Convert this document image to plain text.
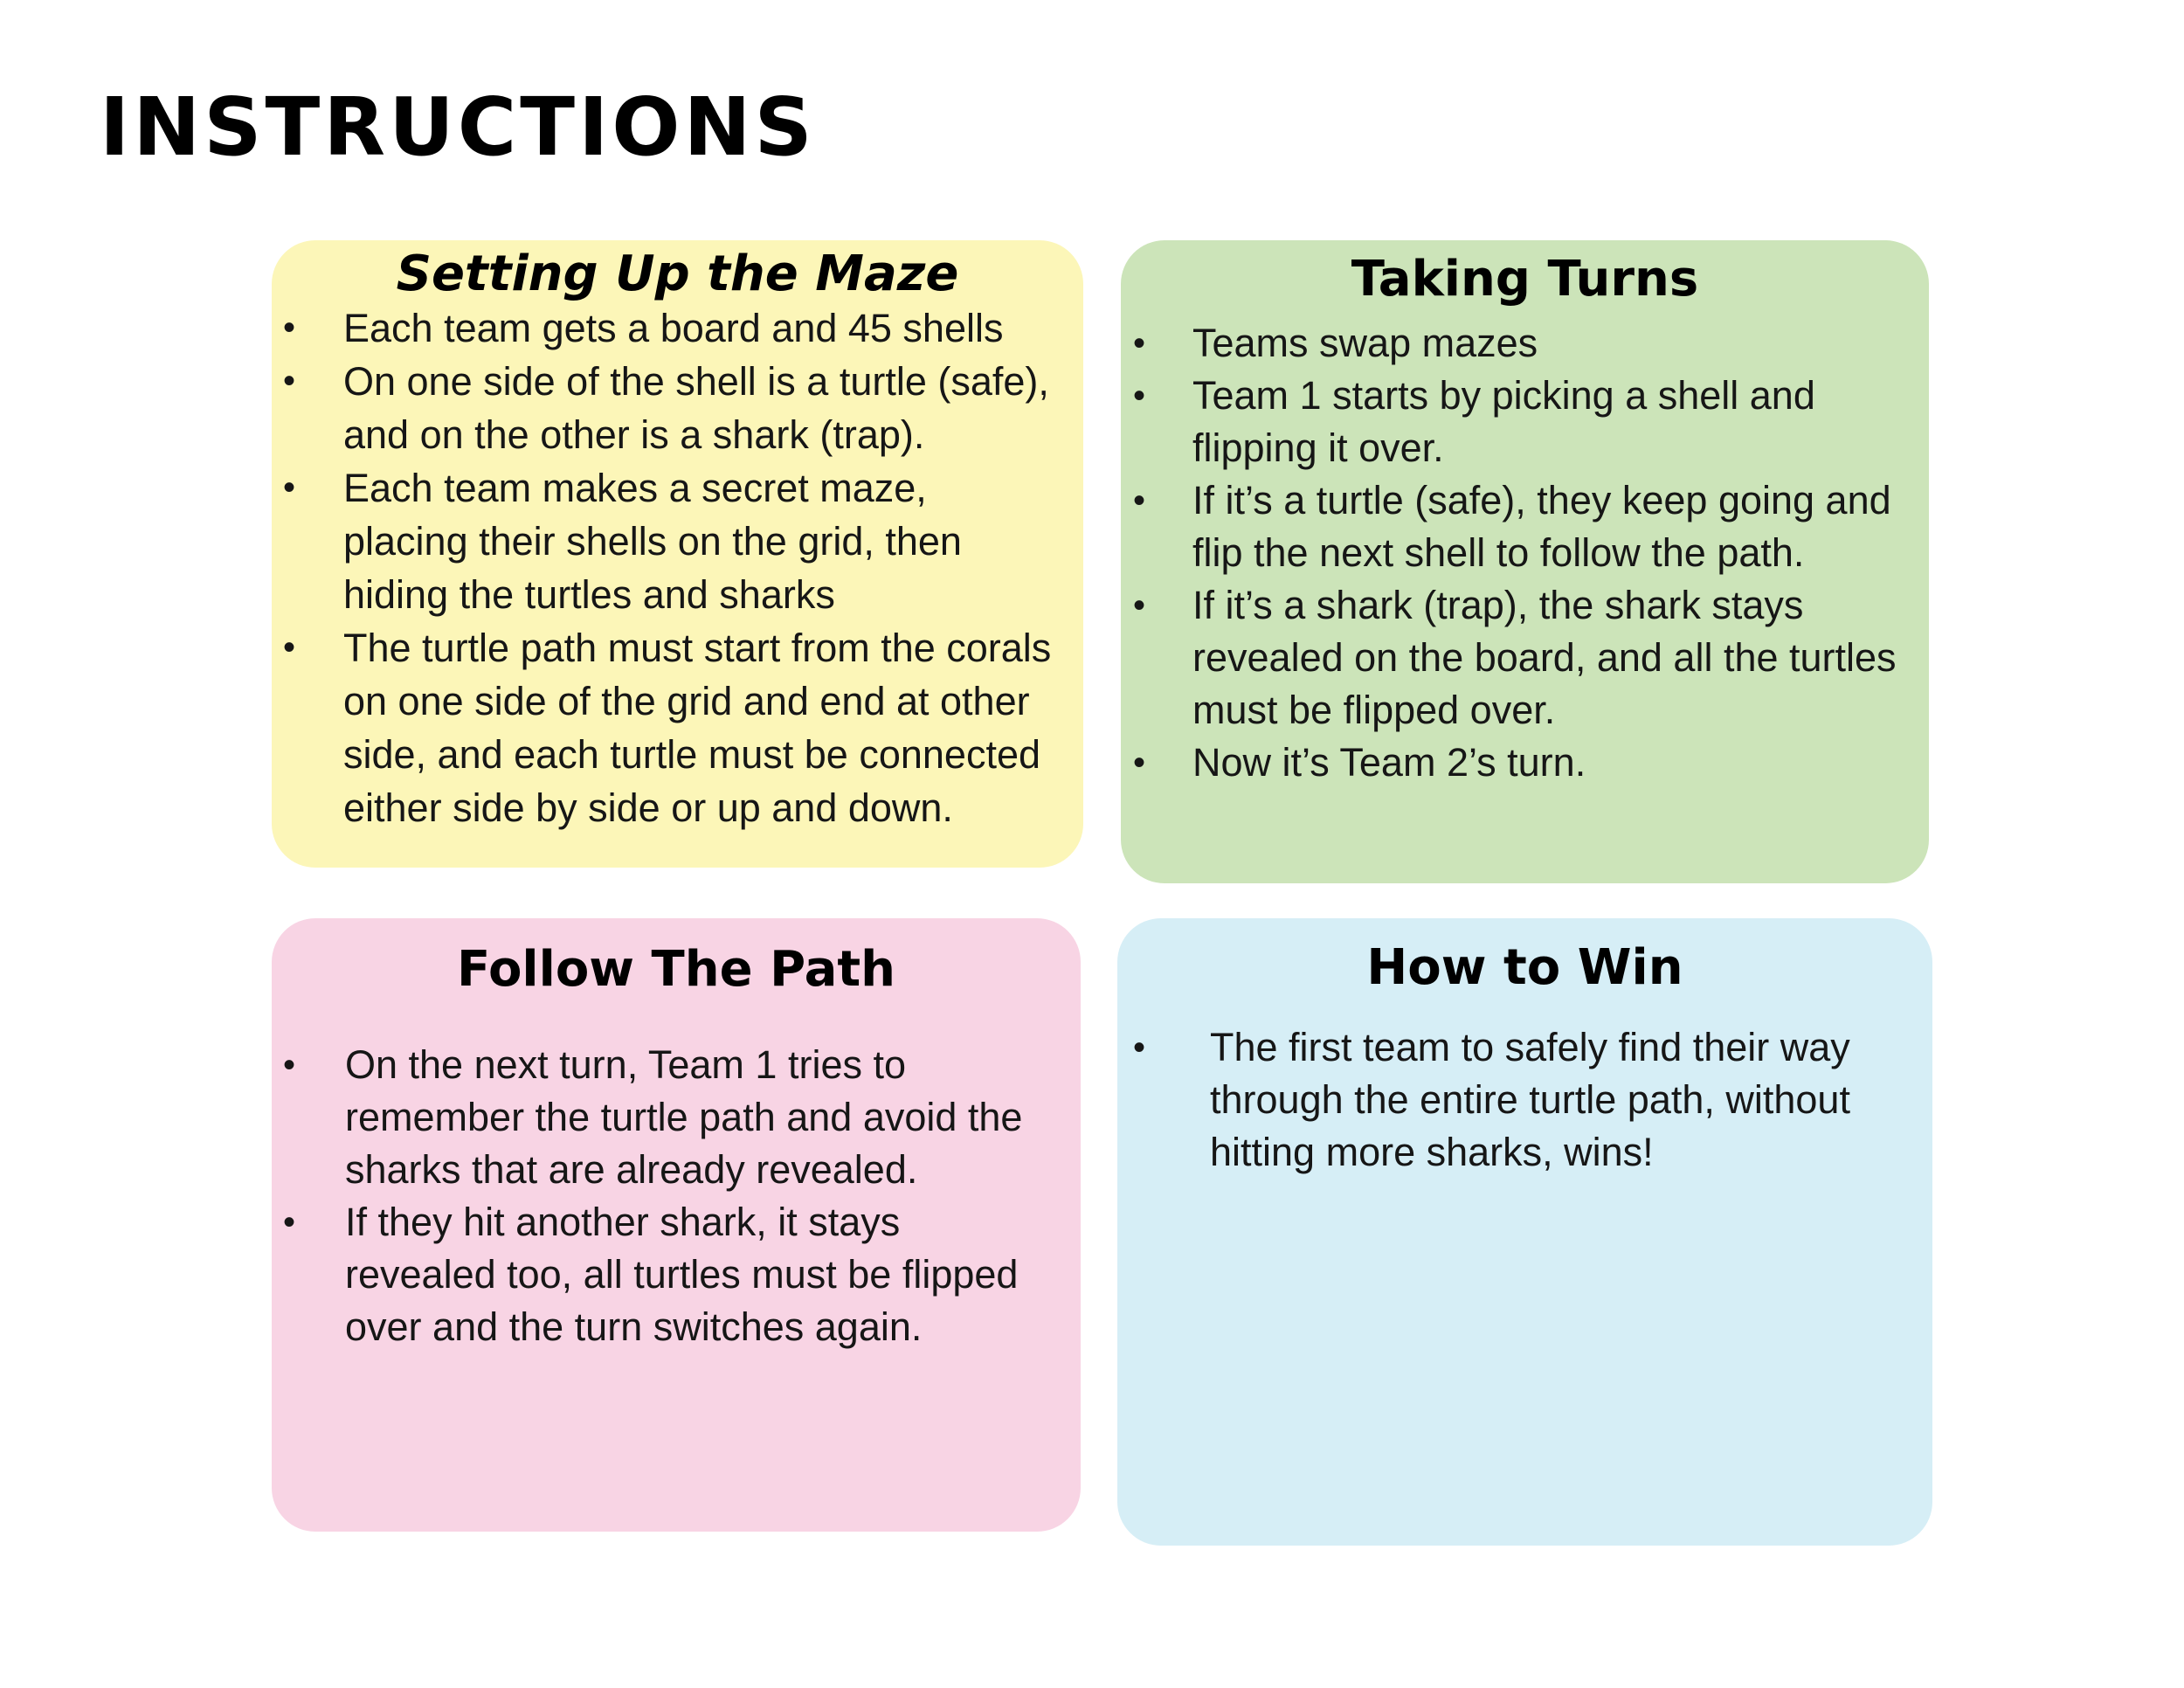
INSTRUCTIONS
Setting Up the Maze
• Each team gets a board and 45 shells
• On one side of the shell is a turtle (safe), and on the other is a shark (trap).
• Each team makes a secret maze, placing their shells on the grid, then hiding the turtles and sharks
• The turtle path must start from the corals on one side of the grid and end at other side, and each turtle must be connected either side by side or up and down.
Taking Turns
• Teams swap mazes
• Team 1 starts by picking a shell and flipping it over.
• If it’s a turtle (safe), they keep going and flip the next shell to follow the path.
• If it’s a shark (trap), the shark stays revealed on the board, and all the turtles must be flipped over.
• Now it’s Team 2’s turn.
Follow The Path
• On the next turn, Team 1 tries to remember the turtle path and avoid the sharks that are already revealed.
• If they hit another shark, it stays revealed too, all turtles must be flipped over and the turn switches again.
How to Win
• The first team to safely find their way through the entire turtle path, without hitting more sharks, wins!
